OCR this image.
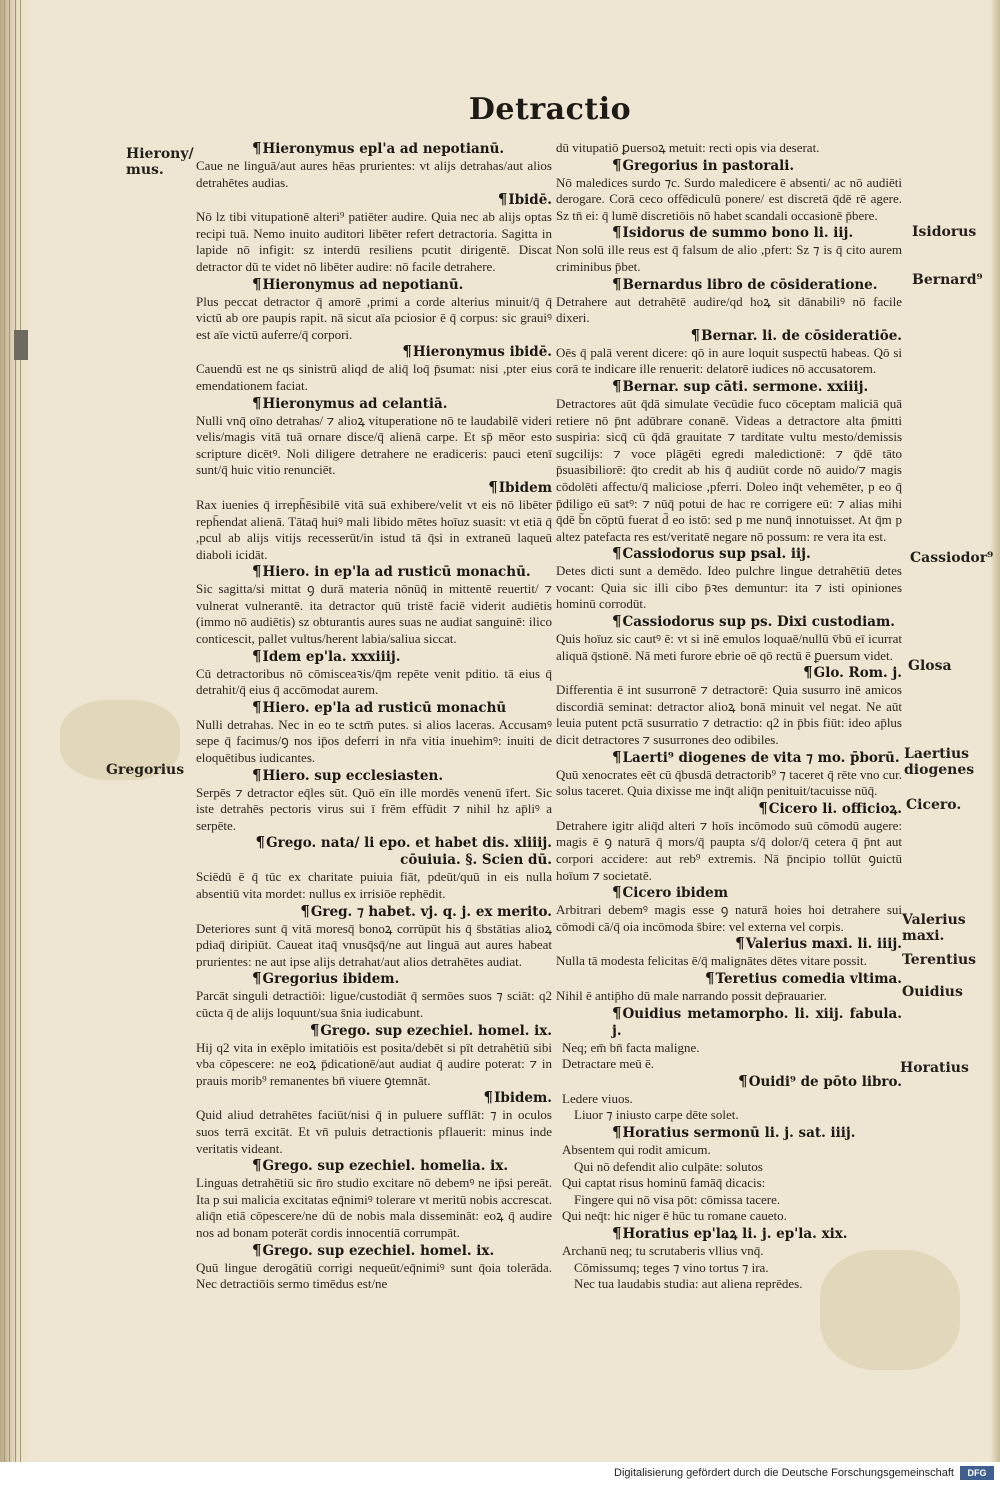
Detractio
Hierony/ mus.
Gregorius
Isidorus
Bernard⁹
Cassiodor⁹
Glosa
Laertius diogenes
Cicero.
Valerius maxi.
Terentius
Ouidius
Horatius

¶Hieronymus epl'a ad nepotianū.

Caue ne linguā/aut aures hēas prurientes: vt alijs detrahas/aut alios detrahētes audias.

¶Ibidē.

Nō lz tibi vitupationē alteri⁹ patiēter audire. Quia nec ab alijs optas recipi tuā. Nemo inuito auditori libēter refert detractoria. Sagitta in lapide nō infigit: sz interdū resiliens pcutit dirigentē. Discat detractor dū te videt nō libēter audire: nō facile detrahere.

¶Hieronymus ad nepotianū.

Plus peccat detractor q̄ amorē ,primi a corde alterius minuit/q̄ q̄ victū ab ore paupis rapit. nā sicut aīa pciosior ē q̄ corpus: sic grauiꝰ est aīe victū auferre/q̄ corpori.

¶Hieronymus ibidē.

Cauendū est ne qs sinistrū aliqd de aliq̄ loq̄ p̄sumat: nisi ,pter eius emendationem faciat.

¶Hieronymus ad celantiā.

Nulli vnq̄ oīno detrahas/ ⁊ alioꝝ vituperatione nō te laudabilē videri velis/magis vitā tuā ornare disce/q̄ alienā carpe. Et sp̄ mēor esto scripture dicētꝰ. Noli diligere detrahere ne eradiceris: pauci etenī sunt/q̄ huic vitio renunciēt.

¶Ibidem

Rax iuenies q̄ irreph̄ēsibilē vitā suā exhibere/velit vt eis nō libēter reph̄endat alienā. Tātaq̄ huiꝰ mali libido mētes hoīuz suasit: vt etiā q̄ ,pcul ab alijs vitijs recesserūt/in istud tā q̄si in extraneū laqueū diaboli icidāt.

¶Hiero. in ep'la ad rusticū monachū.

Sic sagitta/si mittat ꝯ durā materia nōnūq̄ in mittentē reuertit/ ⁊ vulnerat vulnerantē. ita detractor quū tristē faciē viderit audiētis (immo nō audiētis) sz obturantis aures suas ne audiat sanguinē: ilico conticescit, pallet vultus/herent labia/saliua siccat.

¶Idem ep'la. xxxiiij.

Cū detractoribus nō cōmisceaꝛis/q̄m repēte venit pditio. tā eius q̄ detrahit/q̄ eius q̄ accōmodat aurem.

¶Hiero. ep'la ad rusticū monachū

Nulli detrahas. Nec in eo te sctm̄ putes. si alios laceras. Accusamꝰ sepe q̄ facimus/ꝯ nos ip̄os deferri in nr̄a vitia inuehimꝰ: inuiti de eloquētibus iudicantes.

¶Hiero. sup ecclesiasten.

Serpēs ⁊ detractor eq̄les sūt. Quō eīn ille mordēs venenū īfert. Sic iste detrahēs pectoris virus sui ī frēm effūdit ⁊ nihil hz ap̄liꝰ a serpēte.

¶Grego. nata/ li epo. et habet dis. xliiij. cōuiuia. §. Scien dū.

Sciēdū ē q̄ tūc ex charitate puiuia fiāt, pdeūt/quū in eis nulla absentiū vita mordet: nullus ex irrisiōe rephēdit.

¶Greg. ⁊ habet. vj. q. j. ex merito.

Deteriores sunt q̄ vitā moresq̄ bonoꝝ corrūpūt his q̄ s̄bstātias alioꝝ pdiaq̄ diripiūt. Caueat itaq̄ vnusq̄sq̄/ne aut linguā aut aures habeat prurientes: ne aut ipse alijs detrahat/aut alios detrahētes audiat.

¶Gregorius ibidem.

Parcāt singuli detractiōi: ligue/custodiāt q̄ sermōes suos ⁊ sciāt: q2 cūcta q̄ de alijs loquunt/sua s̄nia iudicabunt.

¶Grego. sup ezechiel. homel. ix.

Hij q2 vita in exēplo imitatiōis est posita/debēt si pīt detrahētiū sibi vba cōpescere: ne eoꝝ p̄dicationē/aut audiat q̄ audire poterat: ⁊ in prauis morib⁹ remanentes bn̄ viuere ꝯtemnāt.

¶Ibidem.

Quid aliud detrahētes faciūt/nisi q̄ in puluere sufflāt: ⁊ in oculos suos terrā excitāt. Et vn̄ puluis detractionis pflauerit: minus inde veritatis videant.

¶Grego. sup ezechiel. homelia. ix.

Linguas detrahētiū sic n̄ro studio excitare nō debemꝰ ne ip̄si pereāt. Ita p sui malicia excitatas eq̄nimiꝰ tolerare vt meritū nobis accrescat. aliq̄n etiā cōpescere/ne dū de nobis mala dissemināt: eoꝝ q̄ audire nos ad bonam poterāt cordis innocentiā corrumpāt.

¶Grego. sup ezechiel. homel. ix.

Quū lingue derogātiū corrigi nequeūt/eq̄nimiꝰ sunt q̄oia tolerāda. Nec detractiōis sermo timēdus est/ne

dū vitupatiō ꝑuersoꝝ metuit: recti opis via deserat.

¶Gregorius in pastorali.

Nō maledices surdo ⁊c. Surdo maledicere ē absenti/ ac nō audiēti derogare. Corā ceco offēdiculū ponere/ est discretā q̄dē rē agere. Sz tn̄ ei: q̄ lumē discretiōis nō habet scandali occasionē p̄bere.

¶Isidorus de summo bono li. iij.

Non solū ille reus est q̄ falsum de alio ,pfert: Sz ⁊ is q̄ cito aurem criminibus p̄bet.

¶Bernardus libro de cōsideratione.

Detrahere aut detrahētē audire/qd hoꝝ sit dānabiliꝰ nō facile dixeri.

¶Bernar. li. de cōsideratiōe.

Oēs q̄ palā verent dicere: qō in aure loquit suspectū habeas. Qō si corā te indicare ille renuerit: delatorē iudices nō accusatorem.

¶Bernar. sup cāti. sermone. xxiiij.

Detractores aūt q̄dā simulate v̄ecūdie fuco cōceptam maliciā quā retiere nō p̄nt adūbrare conanē. Videas a detractore alta p̄mitti suspiria: sicq̄ cū q̄dā grauitate ⁊ tarditate vultu mesto/demissis sugcilijs: ⁊ voce plāgēti egredi maledictionē: ⁊ q̄dē tāto p̄suasibiliorē: q̄to credit ab his q̄ audiūt corde nō auido/⁊ magis cōdolēti affectu/q̄ maliciose ,pferri. Doleo inq̄t vehemēter, p eo q̄ p̄diligo eū satꝰ: ⁊ nūq̄ potui de hac re corrigere eū: ⁊ alias mihi q̄dē b̄n cōptū fuerat d̄ eo istō: sed p me nunq̄ innotuisset. At q̄m p altez patefacta res est/veritatē negare nō possum: re vera ita est.

¶Cassiodorus sup psal. iij.

Detes dicti sunt a demēdo. Ideo pulchre lingue detrahētiū detes vocant: Quia sic illi cibo p̄ꝛes demuntur: ita ⁊ isti opiniones hominū corrodūt.

¶Cassiodorus sup ps. Dixi custodiam.

Quis hoīuz sic cautꝰ ē: vt si inē emulos loquaē/nullū v̄bū eī icurrat aliquā q̄stionē. Nā meti furore ebrie oē qō rectū ē ꝑuersum videt.

¶Glo. Rom. j.

Differentia ē int susurronē ⁊ detractorē: Quia susurro inē amicos discordiā seminat: detractor alioꝝ bonā minuit vel negat. Ne aūt leuia putent pctā susurratio ⁊ detractio: q2 in p̄bis fiūt: ideo ap̄lus dicit detractores ⁊ susurrones deo odibiles.

¶Laerti⁹ diogenes de vita ⁊ mo. p̄borū.

Quū xenocrates eēt cū q̄busdā detractorib⁹ ⁊ taceret q̄ rēte vno cur. solus taceret. Quia dixisse me inq̄t aliq̄n penituit/tacuisse nūq̄.

¶Cicero li. officioꝝ.

Detrahere igitr aliq̄d alteri ⁊ hoīs incōmodo suū cōmodū augere: magis ē ꝯ naturā q̄ mors/q̄ paupta s/q̄ dolor/q̄ cetera q̄ p̄nt aut corpori accidere: aut reb⁹ extremis. Nā p̄ncipio tollūt ꝯuictū hoīum ⁊ societatē.

¶Cicero ibidem

Arbitrari debemꝰ magis esse ꝯ naturā hoies hoi detrahere sui cōmodi cā/q̄ oia incōmoda s̄bire: vel externa vel corpis.

¶Valerius maxi. li. iiij.

Nulla tā modesta felicitas ē/q̄ malignātes dētes vitare possit.

¶Teretius comedia vltima.

Nihil ē antip̄ho dū male narrando possit dep̄rauarier.

¶Ouidius metamorpho. li. xiij. fabula. j.

Neq; em̄ bn̄ facta maligne.

Detractare meū ē.

¶Ouidi⁹ de pōto libro.

Ledere viuos.

Liuor ⁊ iniusto carpe dēte solet.

¶Horatius sermonū li. j. sat. iiij.

Absentem qui rodit amicum.

Qui nō defendit alio culpāte: solutos

Qui captat risus hominū famāq̄ dicacis:

Fingere qui nō visa pōt: cōmissa tacere.

Qui neq̄t: hic niger ē hūc tu romane caueto.

¶Horatius ep'laꝝ li. j. ep'la. xix.

Archanū neq; tu scrutaberis vllius vnq̄.

Cōmissumq; teges ⁊ vino tortus ⁊ ira.

Nec tua laudabis studia: aut aliena reprēdes.

Digitalisierung gefördert durch die Deutsche Forschungsgemeinschaft	DFG
